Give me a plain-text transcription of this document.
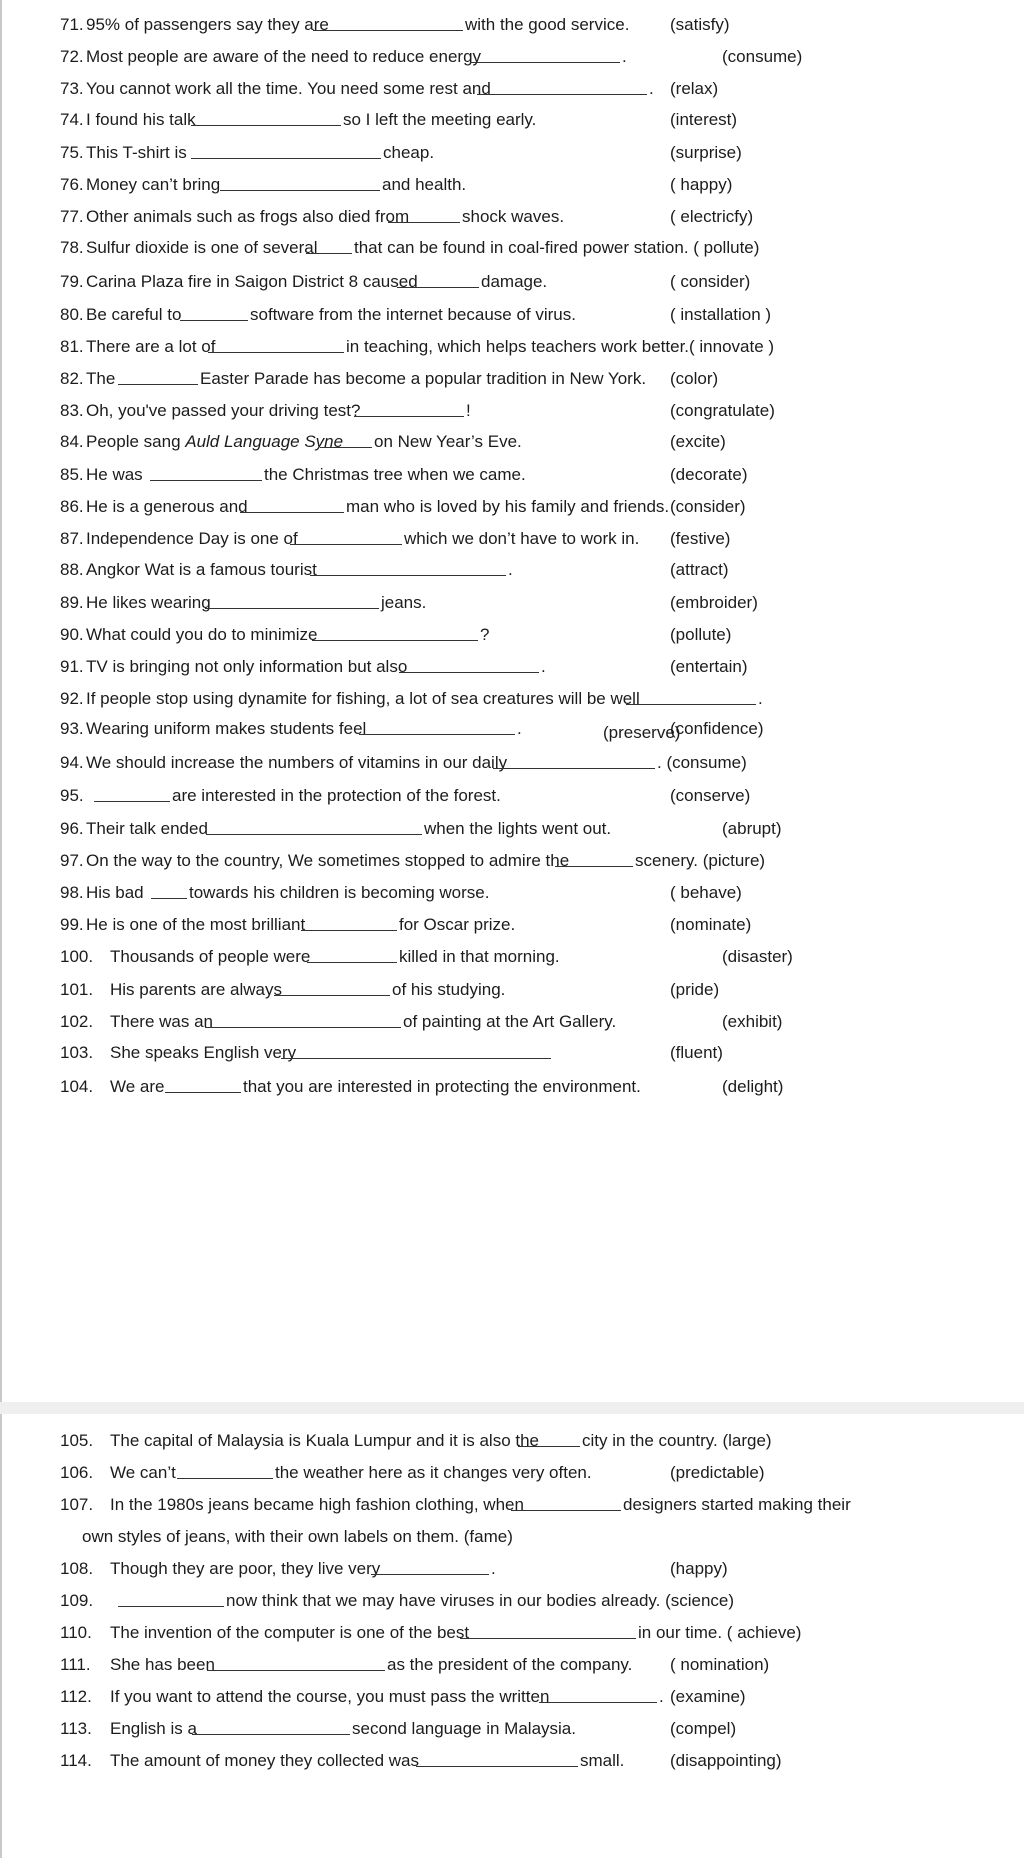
71. 95% of passengers say they are	with the good service. (satisfy)
72. Most people are aware of the need to reduce energy	.	(consume)
73. You cannot work all the time. You need some rest and	. (relax)
74. I found his talk	so I left the meeting early.	(interest)
75. This T-shirt is	cheap.	(surprise)
76. Money can’t bring	and health.	( happy)
77. Other animals such as frogs also died from	shock waves.	( electricfy)
78. Sulfur dioxide is one of several that can be found in coal-fired power station. ( pollute)
79. Carina Plaza fire in Saigon District 8 caused	damage.	( consider)
80. Be careful to	software from the internet because of virus.	( installation )
81. There are a lot of	in teaching, which helps teachers work better.( innovate )
82. The	Easter Parade has become a popular tradition in New York. (color)
83. Oh, you've passed your driving test?	!	(congratulate)
84. People sang Auld Language Syne on New Year’s Eve.	(excite)
85. He was	the Christmas tree when we came.	(decorate)
86. He is a generous and	man who is loved by his family and friends. (consider)
87. Independence Day is one of	which we don’t have to work in. (festive)
88. Angkor Wat is a famous tourist	.	(attract)
89. He likes wearing	jeans.	(embroider)
90. What could you do to minimize	?	(pollute)
91. TV is bringing not only information but also	.	(entertain)
92. If people stop using dynamite for fishing, a lot of sea creatures will be well	.
(preserve)
93. Wearing uniform makes students feel	.	(confidence)
94. We should increase the numbers of vitamins in our daily	. (consume)
95.	are interested in the protection of the forest.	(conserve)
96. Their talk ended	when the lights went out.	(abrupt)
97. On the way to the country, We sometimes stopped to admire the	scenery. (picture)
98. His bad	towards his children is becoming worse.	( behave)
99. He is one of the most brilliant	for Oscar prize.	(nominate)
100. Thousands of people were	killed in that morning.	(disaster)
101. His parents are always	of his studying.	(pride)
102. There was an	of painting at the Art Gallery.	(exhibit)
103. She speaks English very	(fluent)
104. We are	that you are interested in protecting the environment.	(delight)
105. The capital of Malaysia is Kuala Lumpur and it is also the	city in the country. (large)
106. We can’t	the weather here as it changes very often.	(predictable)
107. In the 1980s jeans became high fashion clothing, when	designers started making their
own styles of jeans, with their own labels on them. (fame)
108. Though they are poor, they live very	.	(happy)
109.	now think that we may have viruses in our bodies already. (science)
110. The invention of the computer is one of the best	in our time. ( achieve)
111. She has been	as the president of the company. ( nomination)
112. If you want to attend the course, you must pass the written	. (examine)
113. English is a	second language in Malaysia.	(compel)
114. The amount of money they collected was	small.	(disappointing)
